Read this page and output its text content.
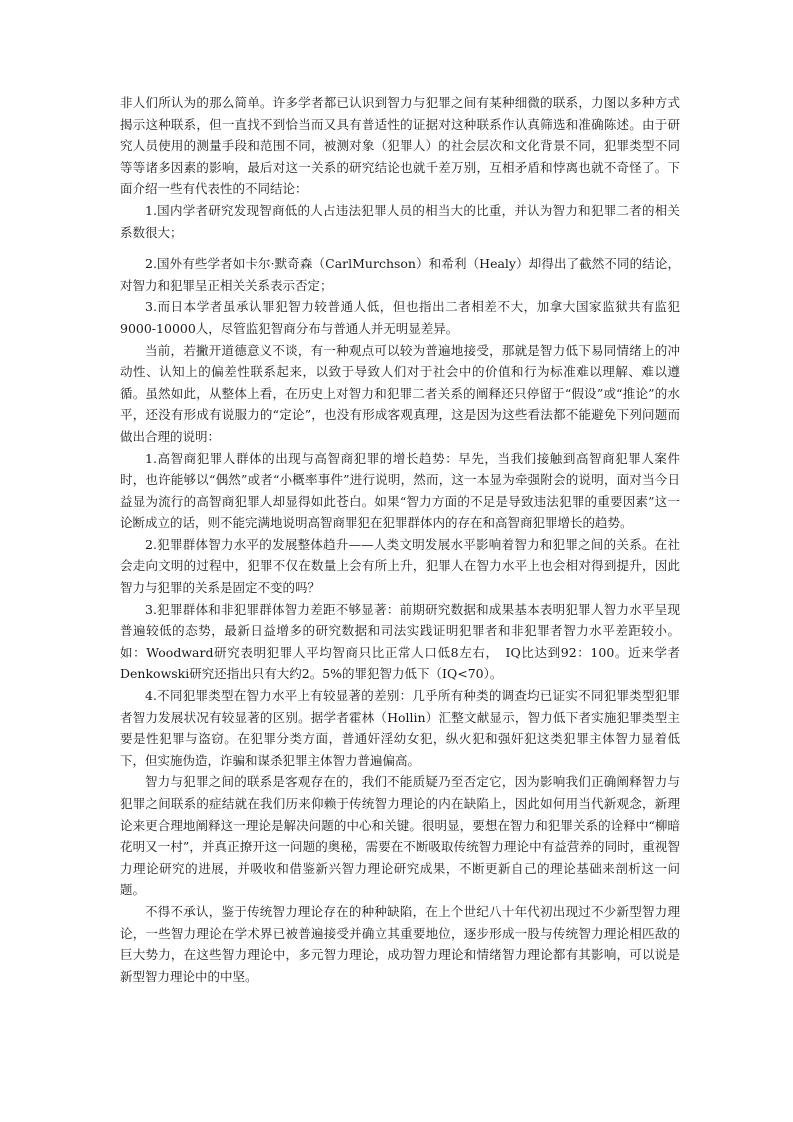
非人们所认为的那么简单。许多学者都已认识到智力与犯罪之间有某种细微的联系，力图以多种方式揭示这种联系，但一直找不到恰当而又具有普适性的证据对这种联系作认真筛选和准确陈述。由于研究人员使用的测量手段和范围不同，被测对象（犯罪人）的社会层次和文化背景不同，犯罪类型不同等等诸多因素的影响，最后对这一关系的研究结论也就千差万别，互相矛盾和悖离也就不奇怪了。下面介绍一些有代表性的不同结论：

1.国内学者研究发现智商低的人占违法犯罪人员的相当大的比重，并认为智力和犯罪二者的相关系数很大；

2.国外有些学者如卡尔·默奇森（CarlMurchson）和希利（Healy）却得出了截然不同的结论，对智力和犯罪呈正相关关系表示否定；

3.而日本学者虽承认罪犯智力较普通人低，但也指出二者相差不大，加拿大国家监狱共有监犯9000-10000人，尽管监犯智商分布与普通人并无明显差异。

当前，若撇开道德意义不谈，有一种观点可以较为普遍地接受，那就是智力低下易同情绪上的冲动性、认知上的偏差性联系起来，以致于导致人们对于社会中的价值和行为标准难以理解、难以遵循。虽然如此，从整体上看，在历史上对智力和犯罪二者关系的阐释还只停留于“假设”或“推论”的水平，还没有形成有说服力的“定论”，也没有形成客观真理，这是因为这些看法都不能避免下列问题而做出合理的说明：

1.高智商犯罪人群体的出现与高智商犯罪的增长趋势：早先，当我们接触到高智商犯罪人案件时，也许能够以“偶然”或者“小概率事件”进行说明，然而，这一本显为牵强附会的说明，面对当今日益显为流行的高智商犯罪人却显得如此苍白。如果“智力方面的不足是导致违法犯罪的重要因素”这一论断成立的话，则不能完满地说明高智商罪犯在犯罪群体内的存在和高智商犯罪增长的趋势。

2.犯罪群体智力水平的发展整体趋升——人类文明发展水平影响着智力和犯罪之间的关系。在社会走向文明的过程中，犯罪不仅在数量上会有所上升，犯罪人在智力水平上也会相对得到提升，因此智力与犯罪的关系是固定不变的吗？

3.犯罪群体和非犯罪群体智力差距不够显著：前期研究数据和成果基本表明犯罪人智力水平呈现普遍较低的态势，最新日益增多的研究数据和司法实践证明犯罪者和非犯罪者智力水平差距较小。如：Woodward研究表明犯罪人平均智商只比正常人口低8左右，　IQ比达到92：100。近来学者Denkowski研究还指出只有大约2。5%的罪犯智力低下（IQ<70）。

4.不同犯罪类型在智力水平上有较显著的差别：几乎所有种类的调查均已证实不同犯罪类型犯罪者智力发展状况有较显著的区别。据学者霍林（Hollin）汇整文献显示，智力低下者实施犯罪类型主要是性犯罪与盗窃。在犯罪分类方面，普通奸淫幼女犯，纵火犯和强奸犯这类犯罪主体智力显着低下，但实施伪造，诈骗和谋杀犯罪主体智力普遍偏高。

智力与犯罪之间的联系是客观存在的，我们不能质疑乃至否定它，因为影响我们正确阐释智力与犯罪之间联系的症结就在我们历来仰赖于传统智力理论的内在缺陷上，因此如何用当代新观念，新理论来更合理地阐释这一理论是解决问题的中心和关键。很明显，要想在智力和犯罪关系的诠释中“柳暗花明又一村”，并真正撩开这一问题的奥秘，需要在不断吸取传统智力理论中有益营养的同时，重视智力理论研究的进展，并吸收和借鉴新兴智力理论研究成果，不断更新自己的理论基础来剖析这一问题。

不得不承认，鉴于传统智力理论存在的种种缺陷，在上个世纪八十年代初出现过不少新型智力理论，一些智力理论在学术界已被普遍接受并确立其重要地位，逐步形成一股与传统智力理论相匹敌的巨大势力，在这些智力理论中，多元智力理论，成功智力理论和情绪智力理论都有其影响，可以说是新型智力理论中的中坚。
